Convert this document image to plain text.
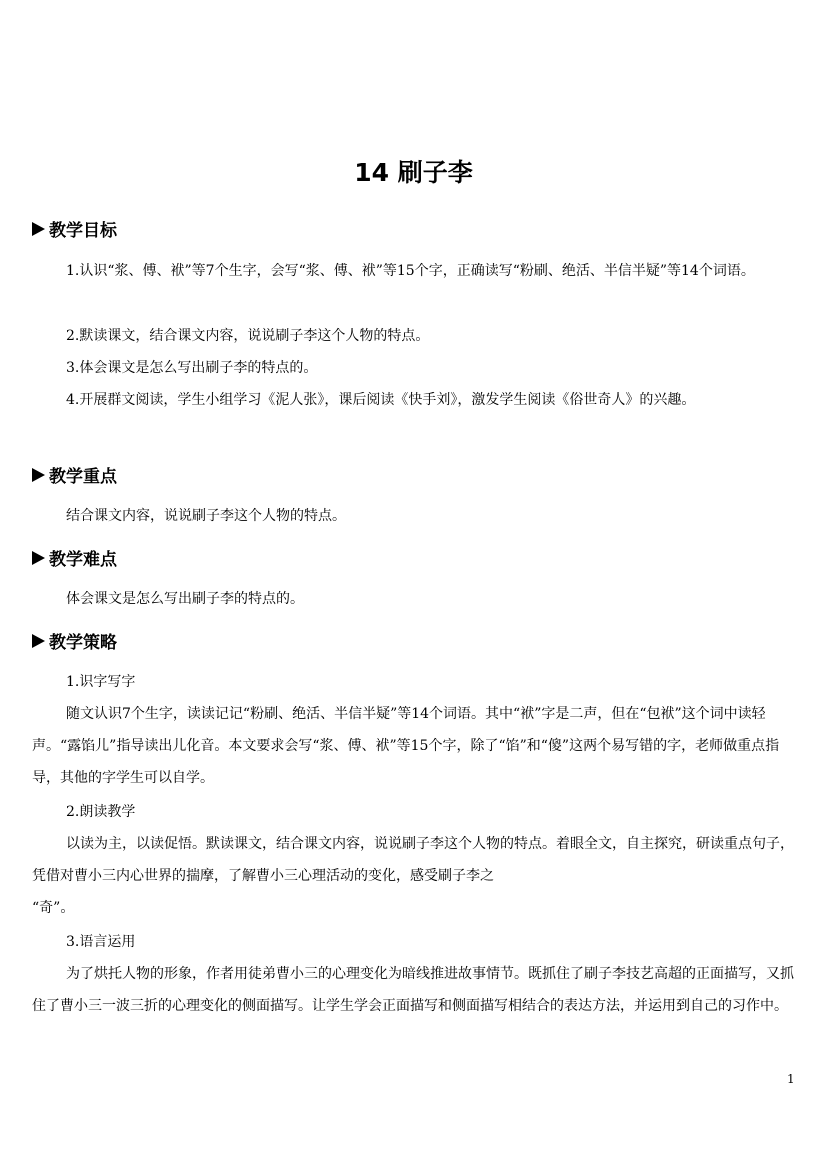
14 刷子李
教学目标
1.认识“浆、傅、袱”等7个生字，会写“浆、傅、袱”等15个字，正确读写“粉刷、绝活、半信半疑”等14个词语。
2.默读课文，结合课文内容，说说刷子李这个人物的特点。
3.体会课文是怎么写出刷子李的特点的。
4.开展群文阅读，学生小组学习《泥人张》，课后阅读《快手刘》，激发学生阅读《俗世奇人》的兴趣。
教学重点
结合课文内容，说说刷子李这个人物的特点。
教学难点
体会课文是怎么写出刷子李的特点的。
教学策略
1.识字写字
随文认识7个生字，读读记记“粉刷、绝活、半信半疑”等14个词语。其中“袱”字是二声，但在“包袱”这个词中读轻声。“露馅儿”指导读出儿化音。本文要求会写“浆、傅、袱”等15个字，除了“馅”和“傻”这两个易写错的字，老师做重点指导，其他的字学生可以自学。
2.朗读教学
以读为主，以读促悟。默读课文，结合课文内容，说说刷子李这个人物的特点。着眼全文，自主探究，研读重点句子，凭借对曹小三内心世界的揣摩，了解曹小三心理活动的变化，感受刷子李之
“奇”。
3.语言运用
为了烘托人物的形象，作者用徒弟曹小三的心理变化为暗线推进故事情节。既抓住了刷子李技艺高超的正面描写，又抓住了曹小三一波三折的心理变化的侧面描写。让学生学会正面描写和侧面描写相结合的表达方法，并运用到自己的习作中。
1
